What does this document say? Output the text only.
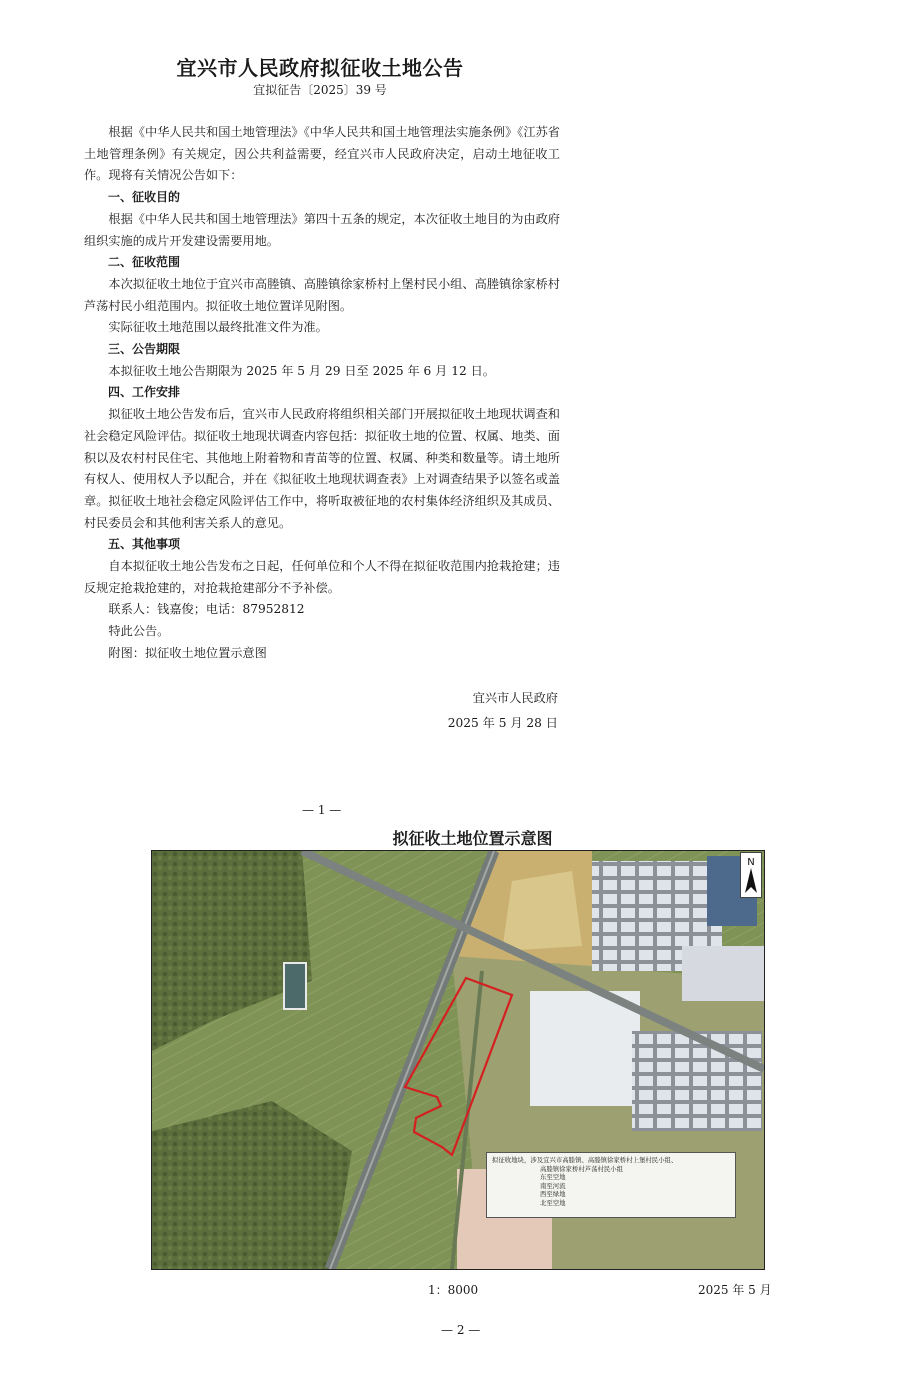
宜兴市人民政府拟征收土地公告
宜拟征告〔2025〕39 号

根据《中华人民共和国土地管理法》《中华人民共和国土地管理法实施条例》《江苏省土地管理条例》有关规定，因公共利益需要，经宜兴市人民政府决定，启动土地征收工作。现将有关情况公告如下：

一、征收目的

根据《中华人民共和国土地管理法》第四十五条的规定，本次征收土地目的为由政府组织实施的成片开发建设需要用地。

二、征收范围

本次拟征收土地位于宜兴市高塍镇、高塍镇徐家桥村上堡村民小组、高塍镇徐家桥村芦荡村民小组范围内。拟征收土地位置详见附图。

实际征收土地范围以最终批准文件为准。

三、公告期限

本拟征收土地公告期限为 2025 年 5 月 29 日至 2025 年 6 月 12 日。

四、工作安排

拟征收土地公告发布后，宜兴市人民政府将组织相关部门开展拟征收土地现状调查和社会稳定风险评估。拟征收土地现状调查内容包括：拟征收土地的位置、权属、地类、面积以及农村村民住宅、其他地上附着物和青苗等的位置、权属、种类和数量等。请土地所有权人、使用权人予以配合，并在《拟征收土地现状调查表》上对调查结果予以签名或盖章。拟征收土地社会稳定风险评估工作中，将听取被征地的农村集体经济组织及其成员、村民委员会和其他利害关系人的意见。

五、其他事项

自本拟征收土地公告发布之日起，任何单位和个人不得在拟征收范围内抢栽抢建；违反规定抢栽抢建的，对抢栽抢建部分不予补偿。

联系人：钱嘉俊；电话：87952812

特此公告。

附图：拟征收土地位置示意图

宜兴市人民政府
2025 年 5 月 28 日
— 1 —
拟征收土地位置示意图
N
拟征收地块，涉及宜兴市高塍镇、高塍镇徐家桥村上堡村民小组、
高塍镇徐家桥村芦荡村民小组
东至空地
南至河流
西至绿地
北至空地
1：8000	2025 年 5 月
— 2 —
